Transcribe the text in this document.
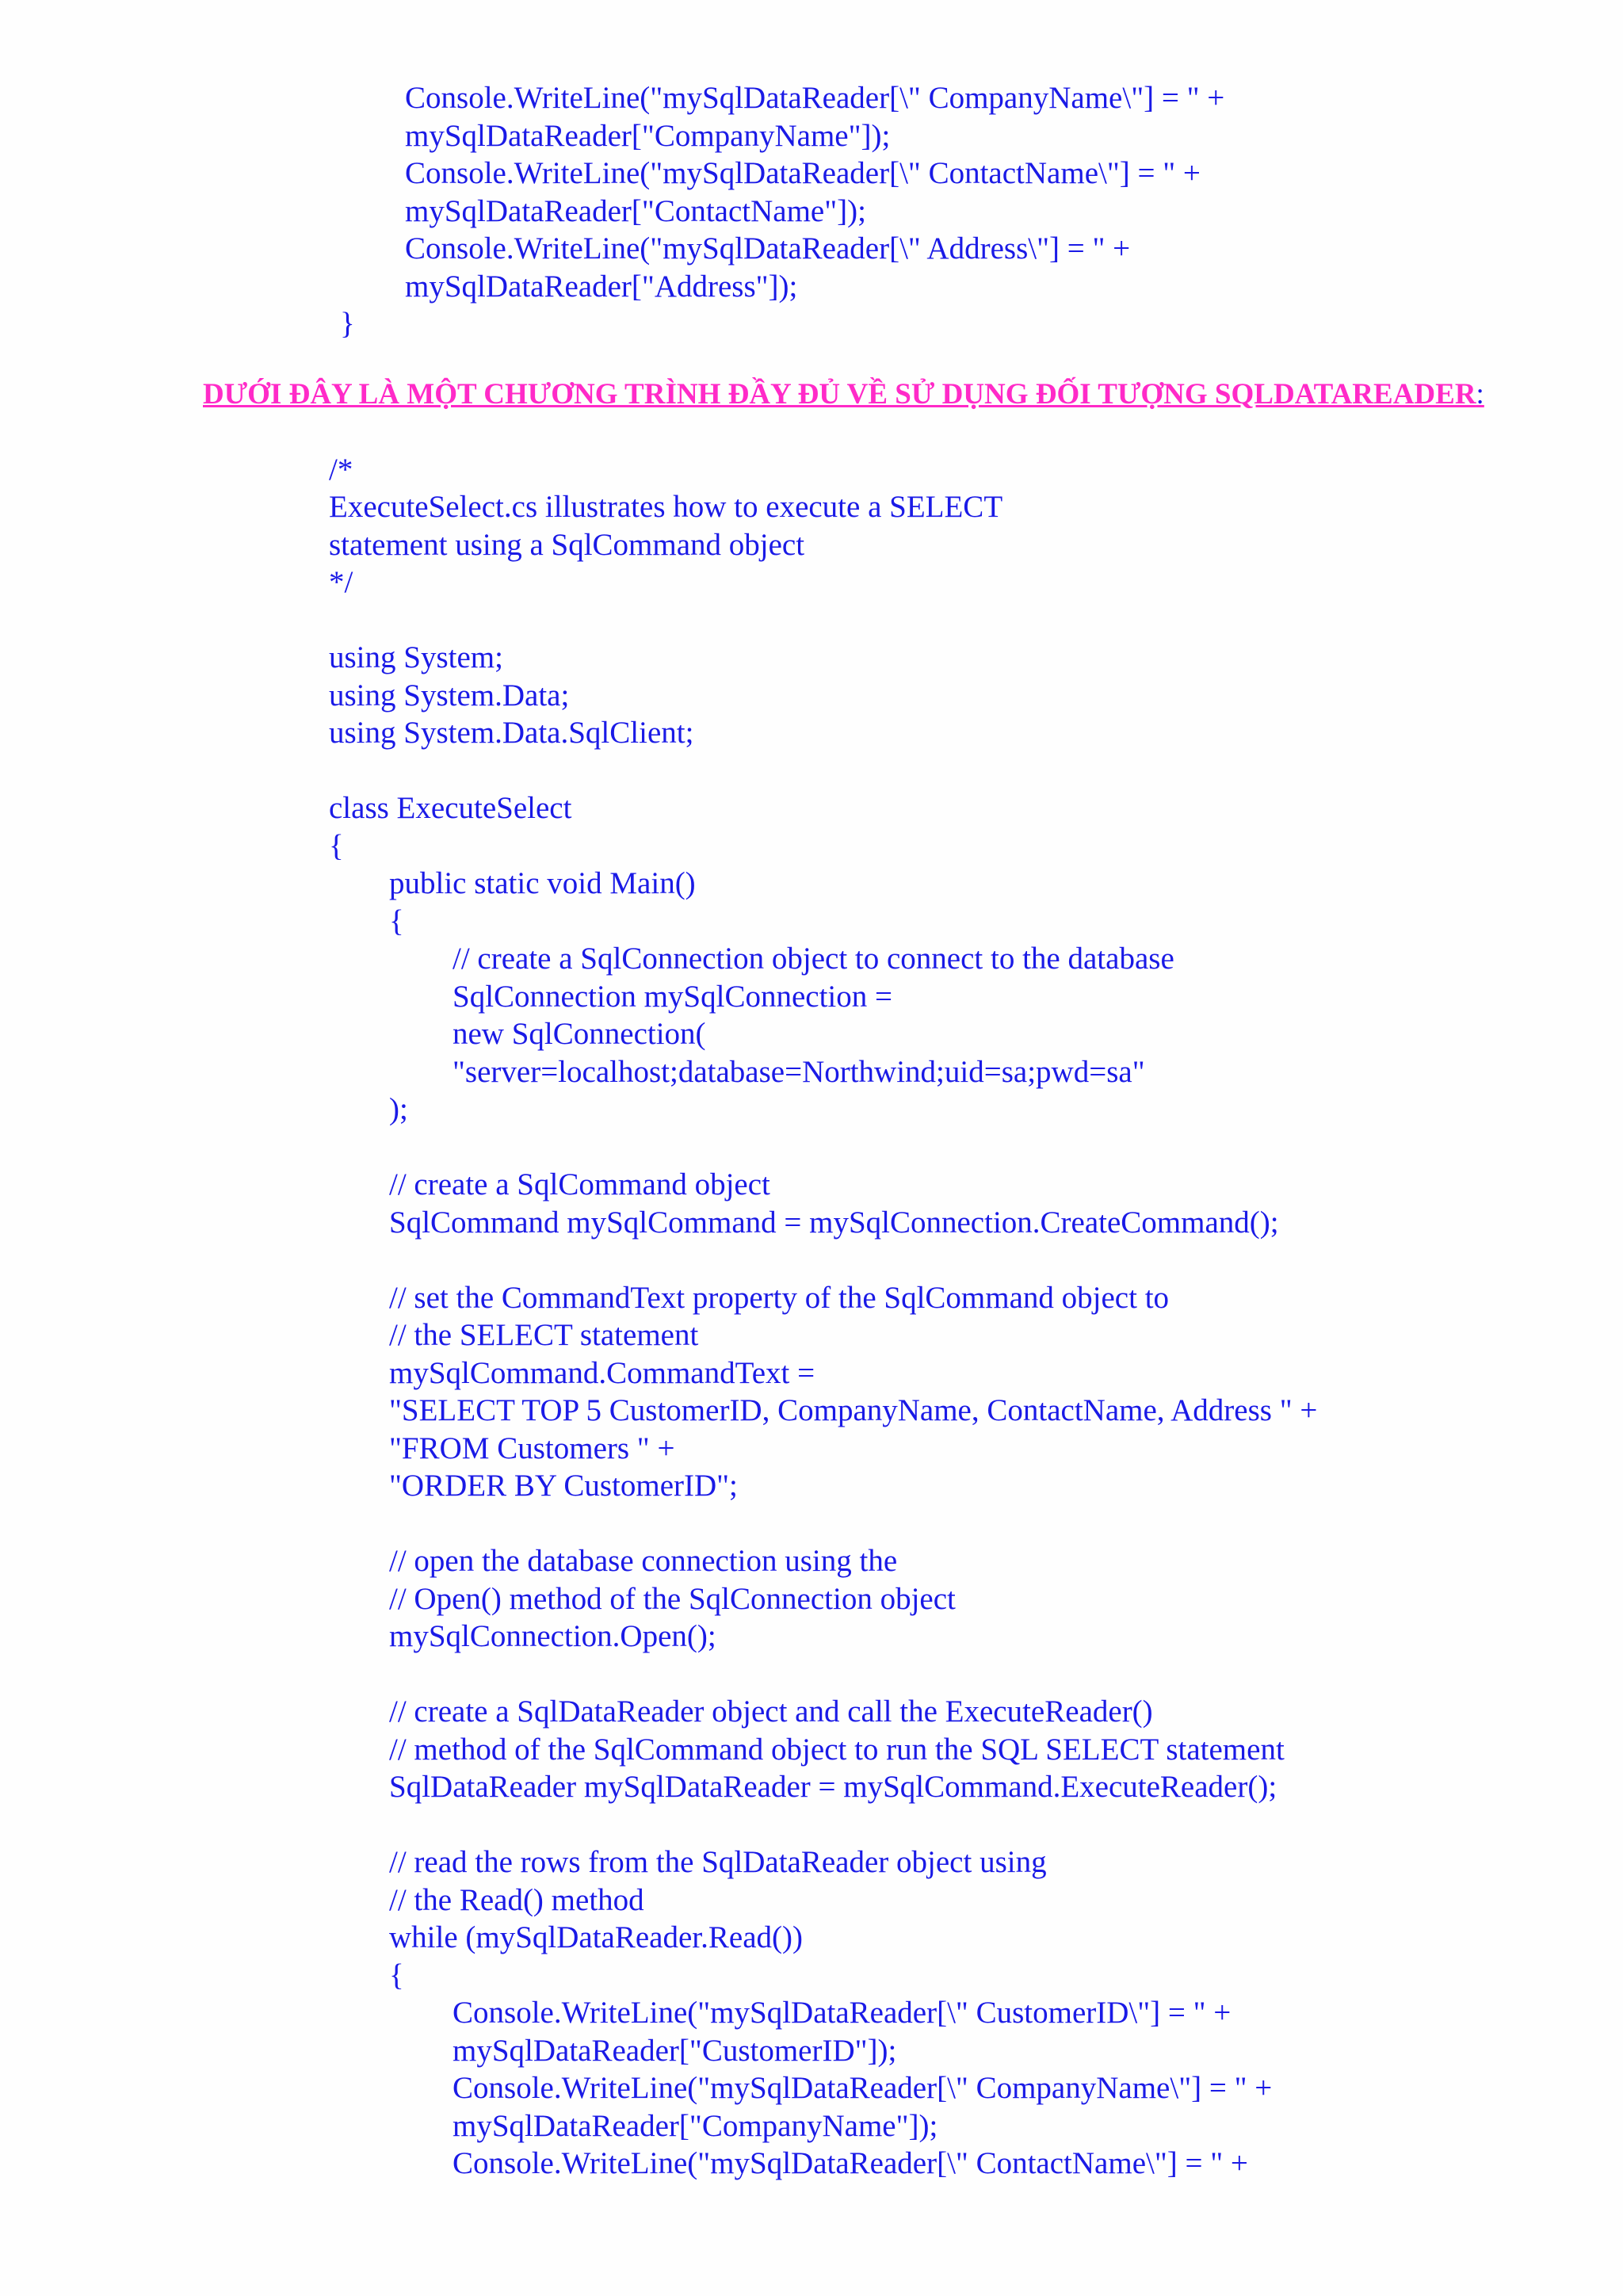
Console.WriteLine("mySqlDataReader[\" CompanyName\"] = " +

mySqlDataReader["CompanyName"]);

Console.WriteLine("mySqlDataReader[\" ContactName\"] = " +

mySqlDataReader["ContactName"]);

Console.WriteLine("mySqlDataReader[\" Address\"] = " +

mySqlDataReader["Address"]);

}

DƯỚI ĐÂY LÀ MỘT CHƯƠNG TRÌNH ĐẦY ĐỦ VỀ SỬ DỤNG ĐỐI TƯỢNG SQLDATAREADER:

/*

ExecuteSelect.cs illustrates how to execute a SELECT

statement using a SqlCommand object

*/

using System;

using System.Data;

using System.Data.SqlClient;

class ExecuteSelect

{

public static void Main()

{

// create a SqlConnection object to connect to the database

SqlConnection mySqlConnection =

new SqlConnection(

"server=localhost;database=Northwind;uid=sa;pwd=sa"

);

// create a SqlCommand object

SqlCommand mySqlCommand = mySqlConnection.CreateCommand();

// set the CommandText property of the SqlCommand object to

// the SELECT statement

mySqlCommand.CommandText =

"SELECT TOP 5 CustomerID, CompanyName, ContactName, Address " +

"FROM Customers " +

"ORDER BY CustomerID";

// open the database connection using the

// Open() method of the SqlConnection object

mySqlConnection.Open();

// create a SqlDataReader object and call the ExecuteReader()

// method of the SqlCommand object to run the SQL SELECT statement

SqlDataReader mySqlDataReader = mySqlCommand.ExecuteReader();

// read the rows from the SqlDataReader object using

// the Read() method

while (mySqlDataReader.Read())

{

Console.WriteLine("mySqlDataReader[\" CustomerID\"] = " +

mySqlDataReader["CustomerID"]);

Console.WriteLine("mySqlDataReader[\" CompanyName\"] = " +

mySqlDataReader["CompanyName"]);

Console.WriteLine("mySqlDataReader[\" ContactName\"] = " +
